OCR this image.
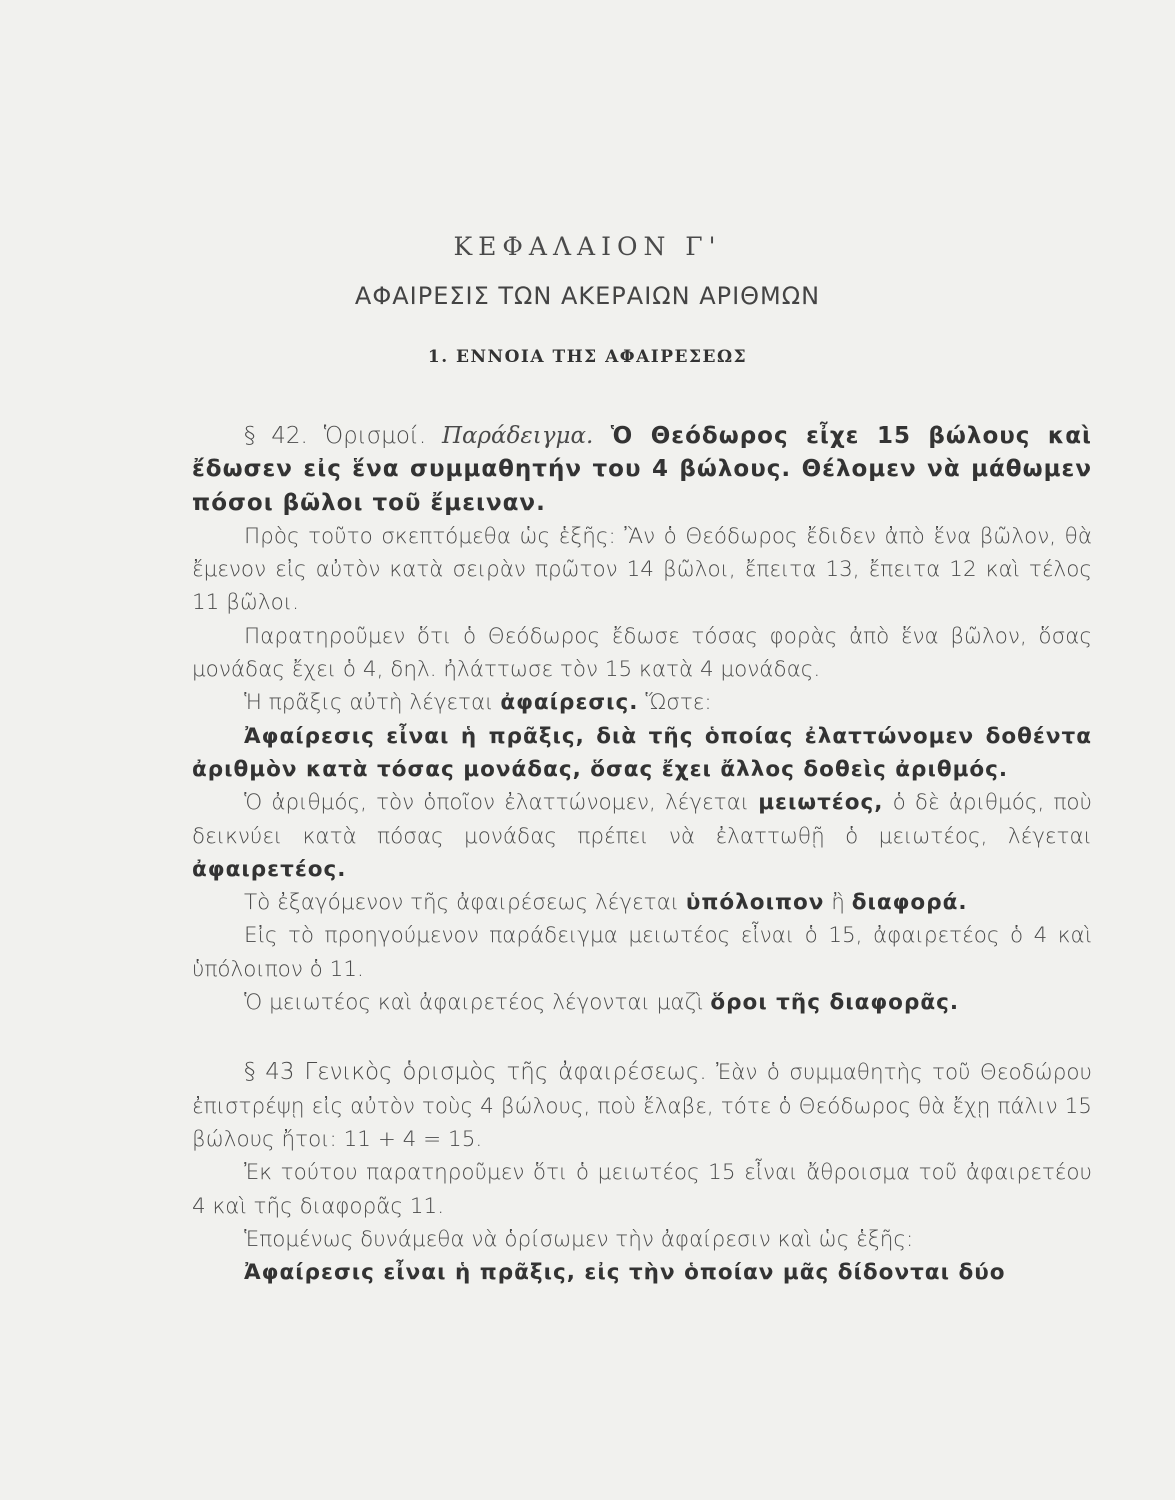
ΚΕΦΑΛΑΙΟΝ Γ'
ΑΦΑΙΡΕΣΙΣ ΤΩΝ ΑΚΕΡΑΙΩΝ ΑΡΙΘΜΩΝ
1. ΕΝΝΟΙΑ ΤΗΣ ΑΦΑΙΡΕΣΕΩΣ

§ 42. Ὁρισμοί. Παράδειγμα. Ὁ Θεόδωρος εἶχε 15 βώλους καὶ ἔδωσεν εἰς ἕνα συμμαθητήν του 4 βώλους. Θέλομεν νὰ μάθωμεν πόσοι βῶλοι τοῦ ἔμειναν.

Πρὸς τοῦτο σκεπτόμεθα ὡς ἑξῆς: Ἂν ὁ Θεόδωρος ἔδιδεν ἀπὸ ἕνα βῶλον, θὰ ἔμενον εἰς αὐτὸν κατὰ σειρὰν πρῶτον 14 βῶλοι, ἔπειτα 13, ἔπειτα 12 καὶ τέλος 11 βῶλοι.

Παρατηροῦμεν ὅτι ὁ Θεόδωρος ἔδωσε τόσας φορὰς ἀπὸ ἕνα βῶλον, ὅσας μονάδας ἔχει ὁ 4, δηλ. ἠλάττωσε τὸν 15 κατὰ 4 μονάδας.

Ἡ πρᾶξις αὐτὴ λέγεται ἀφαίρεσις. Ὥστε:

Ἀφαίρεσις εἶναι ἡ πρᾶξις, διὰ τῆς ὁποίας ἐλαττώνομεν δοθέντα ἀριθμὸν κατὰ τόσας μονάδας, ὅσας ἔχει ἄλλος δοθεὶς ἀριθμός.

Ὁ ἀριθμός, τὸν ὁποῖον ἐλαττώνομεν, λέγεται μειωτέος, ὁ δὲ ἀριθμός, ποὺ δεικνύει κατὰ πόσας μονάδας πρέπει νὰ ἐλαττωθῇ ὁ μειωτέος, λέγεται ἀφαιρετέος.

Τὸ ἐξαγόμενον τῆς ἀφαιρέσεως λέγεται ὑπόλοιπον ἢ διαφορά.

Εἰς τὸ προηγούμενον παράδειγμα μειωτέος εἶναι ὁ 15, ἀφαιρετέος ὁ 4 καὶ ὑπόλοιπον ὁ 11.

Ὁ μειωτέος καὶ ἀφαιρετέος λέγονται μαζὶ ὅροι τῆς διαφορᾶς.

§ 43 Γενικὸς ὁρισμὸς τῆς ἀφαιρέσεως. Ἐὰν ὁ συμμαθητὴς τοῦ Θεοδώρου ἐπιστρέψῃ εἰς αὐτὸν τοὺς 4 βώλους, ποὺ ἔλαβε, τότε ὁ Θεόδωρος θὰ ἔχῃ πάλιν 15 βώλους ἤτοι: 11 + 4 = 15.

Ἐκ τούτου παρατηροῦμεν ὅτι ὁ μειωτέος 15 εἶναι ἄθροισμα τοῦ ἀφαιρετέου 4 καὶ τῆς διαφορᾶς 11.

Ἑπομένως δυνάμεθα νὰ ὁρίσωμεν τὴν ἀφαίρεσιν καὶ ὡς ἑξῆς:

Ἀφαίρεσις εἶναι ἡ πρᾶξις, εἰς τὴν ὁποίαν μᾶς δίδονται δύο
